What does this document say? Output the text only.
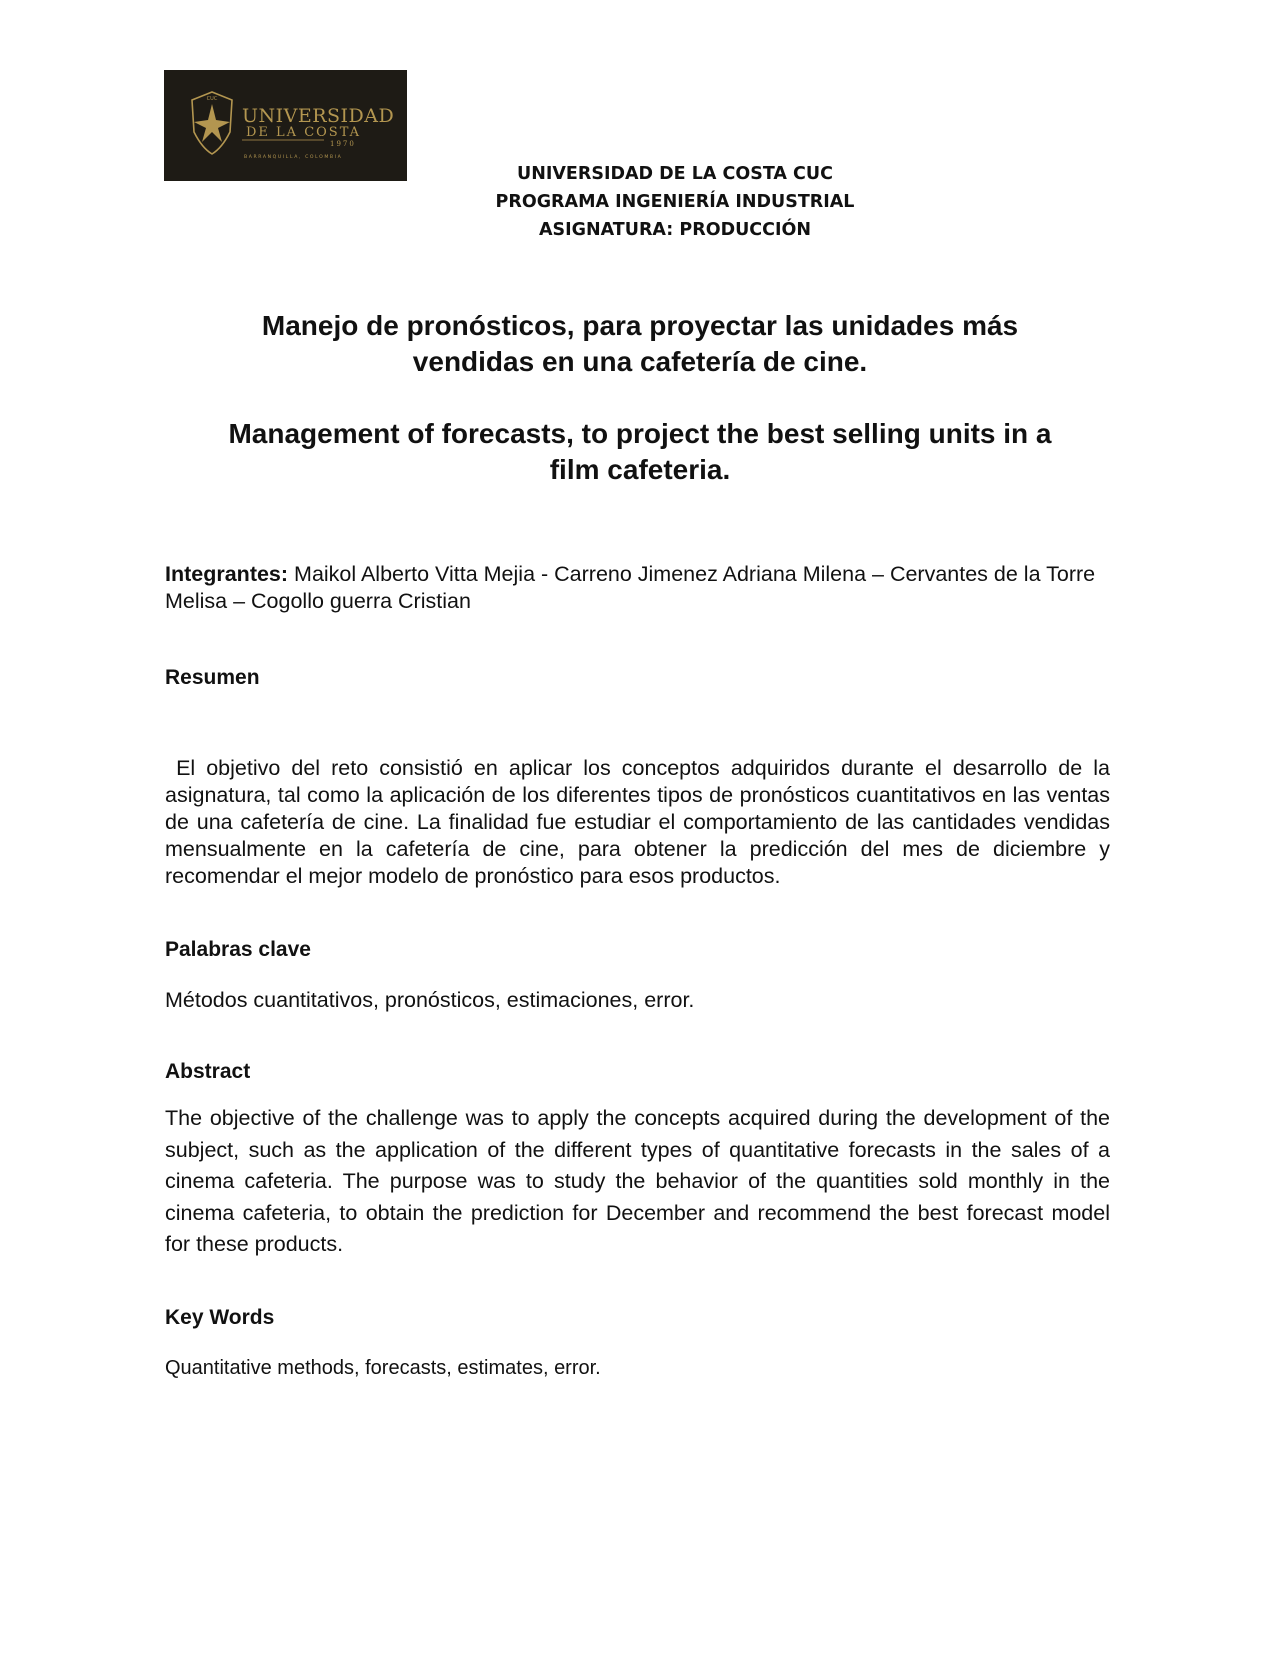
CUC
UNIVERSIDAD
DE LA COSTA
1970
BARRANQUILLA, COLOMBIA
UNIVERSIDAD DE LA COSTA CUC
PROGRAMA INGENIERÍA INDUSTRIAL
ASIGNATURA: PRODUCCIÓN
Manejo de pronósticos, para proyectar las unidades más
vendidas en una cafetería de cine.
Management of forecasts, to project the best selling units in a
film cafeteria.
Integrantes: Maikol Alberto Vitta Mejia - Carreno Jimenez Adriana Milena – Cervantes de la Torre Melisa – Cogollo guerra Cristian
Resumen
El objetivo del reto consistió en aplicar los conceptos adquiridos durante el desarrollo de la asignatura, tal como la aplicación de los diferentes tipos de pronósticos cuantitativos en las ventas de una cafetería de cine. La finalidad fue estudiar el comportamiento de las cantidades vendidas mensualmente en la cafetería de cine, para obtener la predicción del mes de diciembre y recomendar el mejor modelo de pronóstico para esos productos.
Palabras clave
Métodos cuantitativos, pronósticos, estimaciones, error.
Abstract
The objective of the challenge was to apply the concepts acquired during the development of the subject, such as the application of the different types of quantitative forecasts in the sales of a cinema cafeteria. The purpose was to study the behavior of the quantities sold monthly in the cinema cafeteria, to obtain the prediction for December and recommend the best forecast model for these products.
Key Words
Quantitative methods, forecasts, estimates, error.
